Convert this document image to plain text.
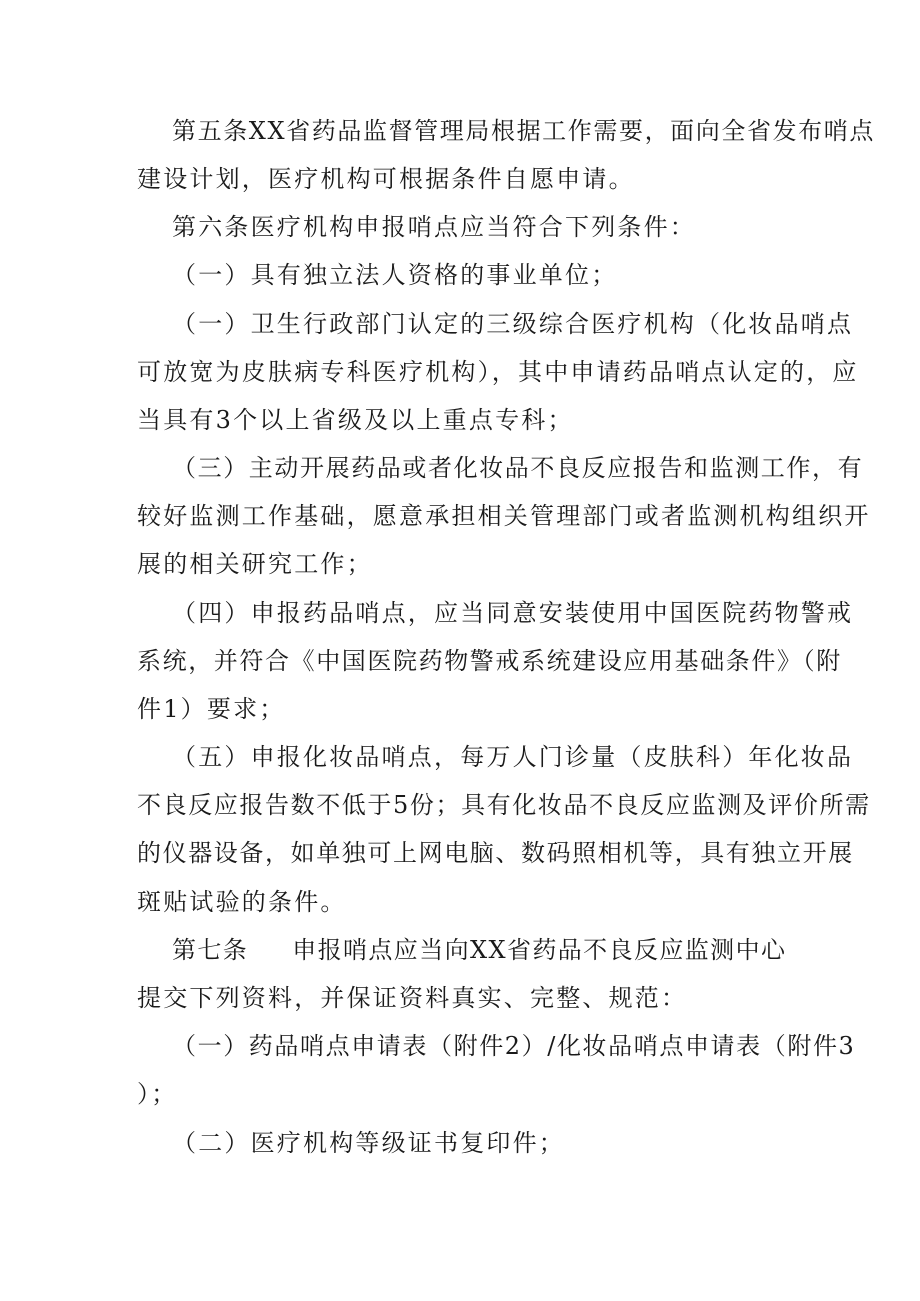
第五条XX省药品监督管理局根据工作需要，面向全省发布哨点
建设计划，医疗机构可根据条件自愿申请。
第六条医疗机构申报哨点应当符合下列条件：
（一）具有独立法人资格的事业单位；
（一）卫生行政部门认定的三级综合医疗机构（化妆品哨点
可放宽为皮肤病专科医疗机构），其中申请药品哨点认定的，应
当具有3个以上省级及以上重点专科；
（三）主动开展药品或者化妆品不良反应报告和监测工作，有
较好监测工作基础，愿意承担相关管理部门或者监测机构组织开
展的相关研究工作；
（四）申报药品哨点，应当同意安装使用中国医院药物警戒
系统，并符合《中国医院药物警戒系统建设应用基础条件》（附
件1）要求；
（五）申报化妆品哨点，每万人门诊量（皮肤科）年化妆品
不良反应报告数不低于5份；具有化妆品不良反应监测及评价所需
的仪器设备，如单独可上网电脑、数码照相机等，具有独立开展
斑贴试验的条件。
第七条 申报哨点应当向XX省药品不良反应监测中心
提交下列资料，并保证资料真实、完整、规范：
（一）药品哨点申请表（附件2）/化妆品哨点申请表（附件3
）；
（二）医疗机构等级证书复印件；
